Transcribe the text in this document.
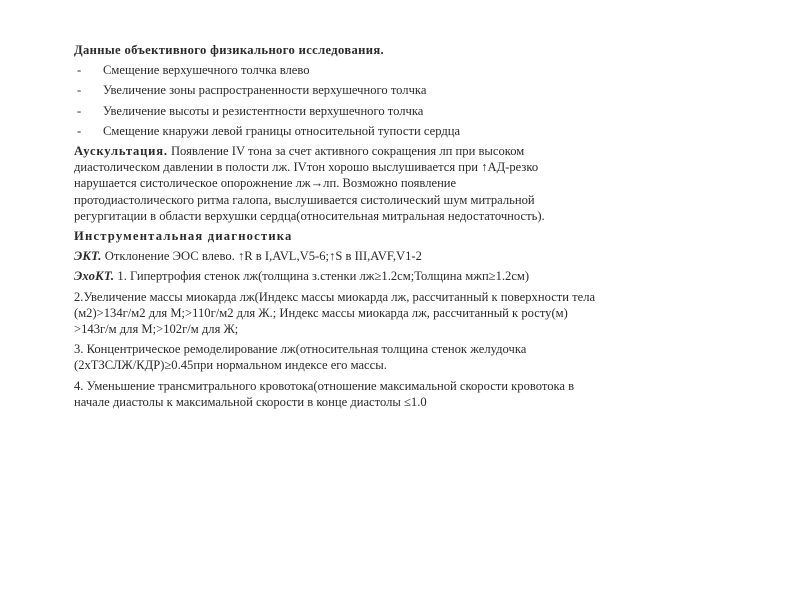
Данные объективного физикального исследования.
- Смещение верхушечного толчка влево
- Увеличение зоны распространенности верхушечного толчка
- Увеличение высоты и резистентности верхушечного толчка
- Смещение кнаружи левой границы относительной тупости сердца
Аускультация. Появление IV тона за счет активного сокращения лп при высоком
диастолическом давлении в полости лж. IVтон хорошо выслушивается при ↑АД-резко
нарушается систолическое опорожнение лж→лп. Возможно появление
протодиастолического ритма галопа, выслушивается систолический шум митральной
регургитации в области верхушки сердца(относительная митральная недостаточность).
Инструментальная диагностика
ЭКТ. Отклонение ЭОС влево. ↑R в I,AVL,V5-6;↑S в III,AVF,V1-2
ЭхоКТ. 1. Гипертрофия стенок лж(толщина з.стенки лж≥1.2см;Толщина мжп≥1.2см)
2.Увеличение массы миокарда лж(Индекс массы миокарда лж, рассчитанный к поверхности тела
(м2)>134г/м2 для М;>110г/м2 для Ж.; Индекс массы миокарда лж, рассчитанный к росту(м)
>143г/м для М;>102г/м для Ж;
3. Концентрическое ремоделирование лж(относительная толщина стенок желудочка
(2хТЗСЛЖ/КДР)≥0.45при нормальном индексе его массы.
4. Уменьшение трансмитрального кровотока(отношение максимальной скорости кровотока в
начале диастолы к максимальной скорости в конце диастолы ≤1.0
